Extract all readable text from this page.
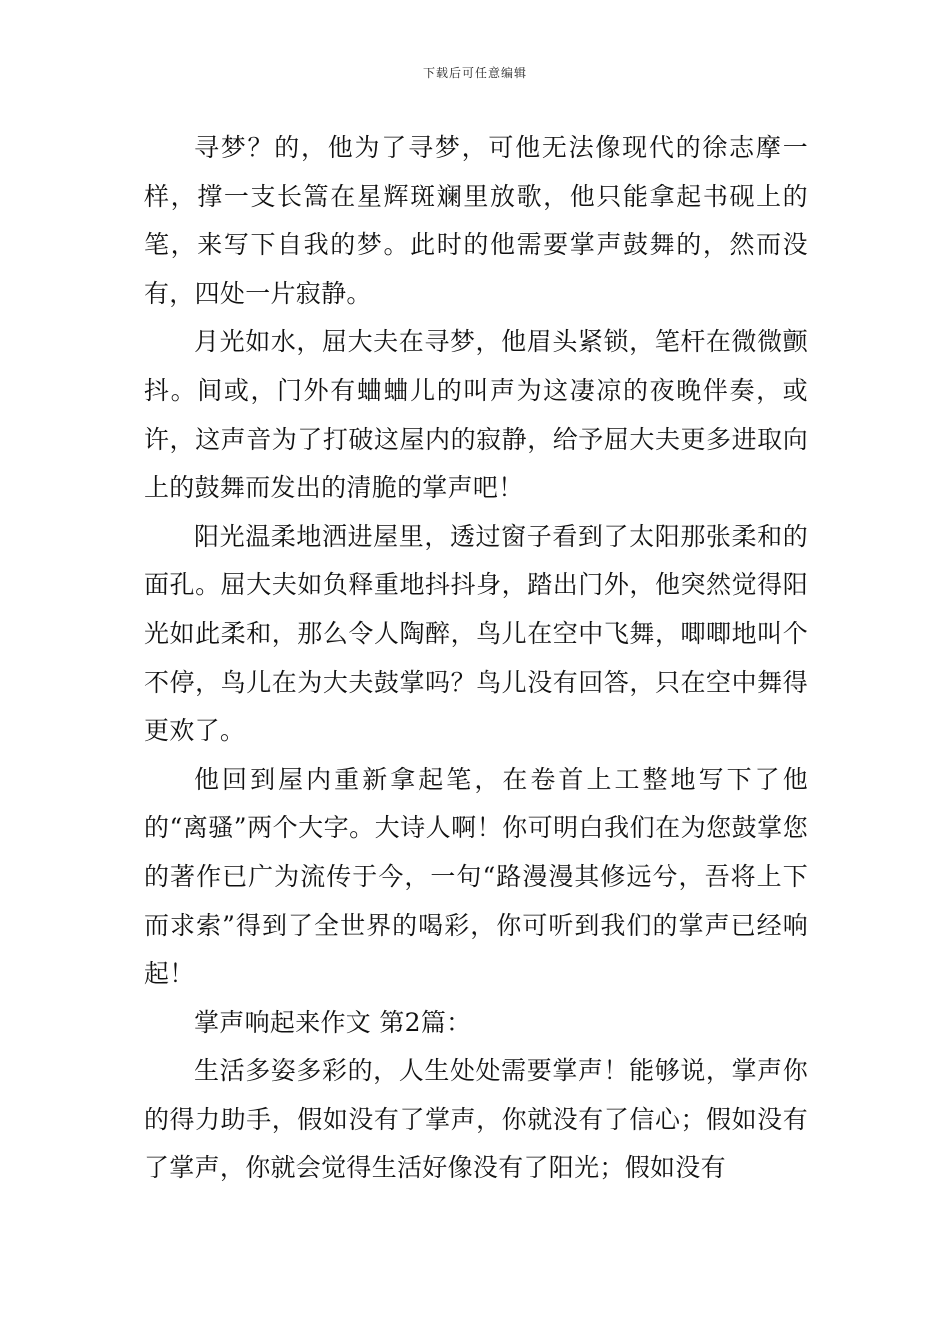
下载后可任意编辑

寻梦？的，他为了寻梦，可他无法像现代的徐志摩一样，撑一支长篙在星辉斑斓里放歌，他只能拿起书砚上的笔，来写下自我的梦。此时的他需要掌声鼓舞的，然而没有，四处一片寂静。

月光如水，屈大夫在寻梦，他眉头紧锁，笔杆在微微颤抖。间或，门外有蛐蛐儿的叫声为这凄凉的夜晚伴奏，或许，这声音为了打破这屋内的寂静，给予屈大夫更多进取向上的鼓舞而发出的清脆的掌声吧！

阳光温柔地洒进屋里，透过窗子看到了太阳那张柔和的面孔。屈大夫如负释重地抖抖身，踏出门外，他突然觉得阳光如此柔和，那么令人陶醉，鸟儿在空中飞舞，唧唧地叫个不停，鸟儿在为大夫鼓掌吗？鸟儿没有回答，只在空中舞得更欢了。

他回到屋内重新拿起笔，在卷首上工整地写下了他的“离骚”两个大字。大诗人啊！你可明白我们在为您鼓掌您的著作已广为流传于今，一句“路漫漫其修远兮，吾将上下而求索”得到了全世界的喝彩，你可听到我们的掌声已经响起！

掌声响起来作文 第2篇：

生活多姿多彩的，人生处处需要掌声！能够说，掌声你的得力助手，假如没有了掌声，你就没有了信心；假如没有了掌声，你就会觉得生活好像没有了阳光；假如没有
